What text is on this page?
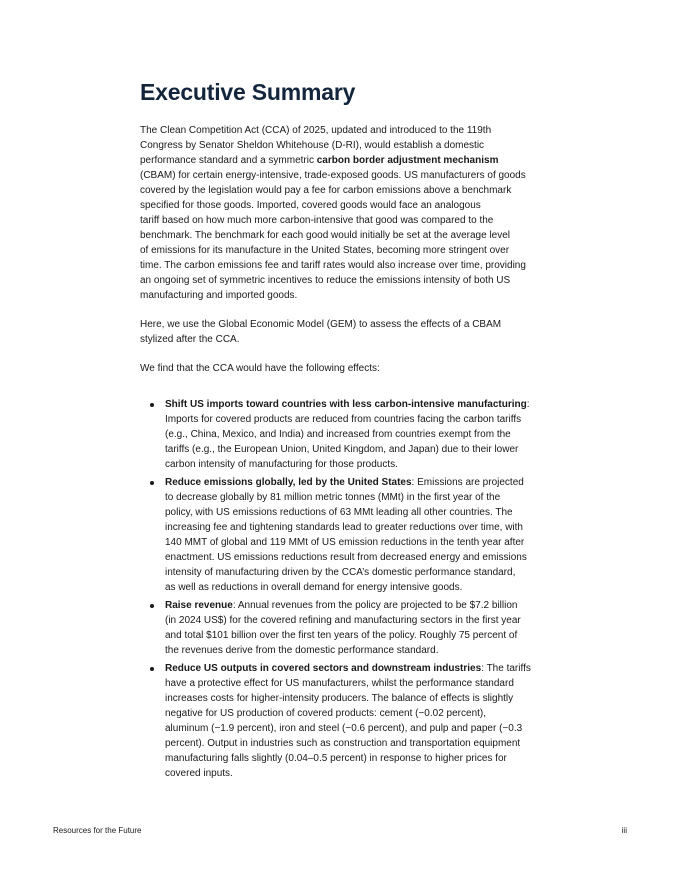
Executive Summary

The Clean Competition Act (CCA) of 2025, updated and introduced to the 119th
Congress by Senator Sheldon Whitehouse (D-RI), would establish a domestic
performance standard and a symmetric carbon border adjustment mechanism
(CBAM) for certain energy-intensive, trade-exposed goods. US manufacturers of goods
covered by the legislation would pay a fee for carbon emissions above a benchmark
specified for those goods. Imported, covered goods would face an analogous
tariff based on how much more carbon-intensive that good was compared to the
benchmark. The benchmark for each good would initially be set at the average level
of emissions for its manufacture in the United States, becoming more stringent over
time. The carbon emissions fee and tariff rates would also increase over time, providing
an ongoing set of symmetric incentives to reduce the emissions intensity of both US
manufacturing and imported goods.

Here, we use the Global Economic Model (GEM) to assess the effects of a CBAM
stylized after the CCA.

We find that the CCA would have the following effects:

Shift US imports toward countries with less carbon-intensive manufacturing:
Imports for covered products are reduced from countries facing the carbon tariffs
(e.g., China, Mexico, and India) and increased from countries exempt from the
tariffs (e.g., the European Union, United Kingdom, and Japan) due to their lower
carbon intensity of manufacturing for those products.
Reduce emissions globally, led by the United States: Emissions are projected
to decrease globally by 81 million metric tonnes (MMt) in the first year of the
policy, with US emissions reductions of 63 MMt leading all other countries. The
increasing fee and tightening standards lead to greater reductions over time, with
140 MMT of global and 119 MMt of US emission reductions in the tenth year after
enactment. US emissions reductions result from decreased energy and emissions
intensity of manufacturing driven by the CCA’s domestic performance standard,
as well as reductions in overall demand for energy intensive goods.
Raise revenue: Annual revenues from the policy are projected to be $7.2 billion
(in 2024 US$) for the covered refining and manufacturing sectors in the first year
and total $101 billion over the first ten years of the policy. Roughly 75 percent of
the revenues derive from the domestic performance standard.
Reduce US outputs in covered sectors and downstream industries: The tariffs
have a protective effect for US manufacturers, whilst the performance standard
increases costs for higher-intensity producers. The balance of effects is slightly
negative for US production of covered products: cement (−0.02 percent),
aluminum (−1.9 percent), iron and steel (−0.6 percent), and pulp and paper (−0.3
percent). Output in industries such as construction and transportation equipment
manufacturing falls slightly (0.04–0.5 percent) in response to higher prices for
covered inputs.
Resources for the Future	iii
